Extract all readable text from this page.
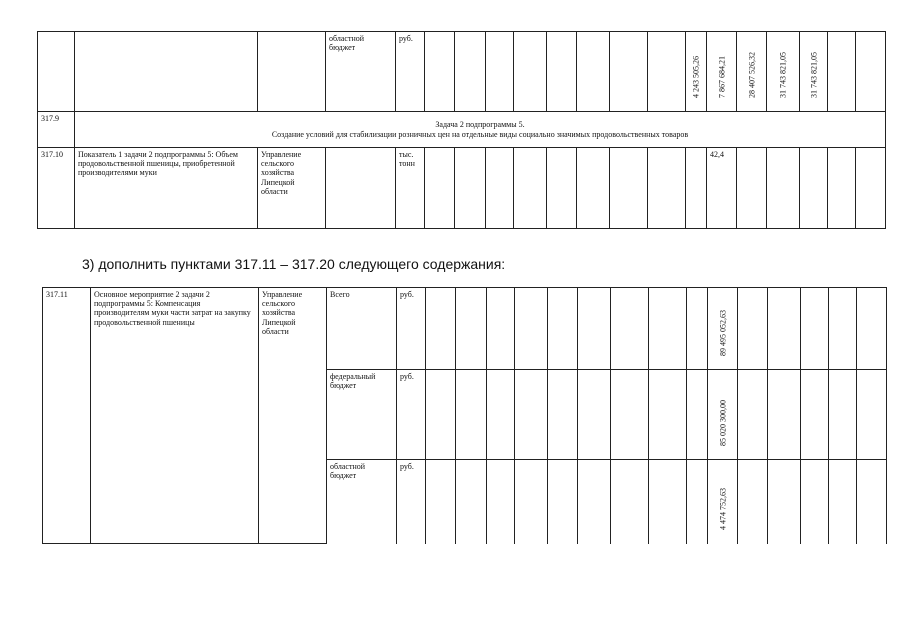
			областной бюджет	руб.									4 243 505,26	7 867 684,21	28 407 526,32	31 743 821,05	31 743 821,05		

317.9	Задача 2 подпрограммы 5.
Создание условий для стабилизации розничных цен на отдельные виды социально значимых продовольственных товаров																		

317.10	Показатель 1 задачи 2 подпрограммы 5: Объем продовольственной пшеницы, приобретенной производителями муки	Управление сельского хозяйства Липецкой области		тыс. тонн										42,4					
3) дополнить пунктами 317.11 – 317.20 следующего содержания:
317.11	Основное мероприятие 2 задачи 2 подпрограммы 5: Компенсация производителям муки части затрат на закупку продовольственной пшеницы	Управление сельского хозяйства Липецкой области	Всего	руб.										89 495 052,63					

			федеральный бюджет	руб.										85 020 300,00					

			областной бюджет	руб.										4 474 752,63					
